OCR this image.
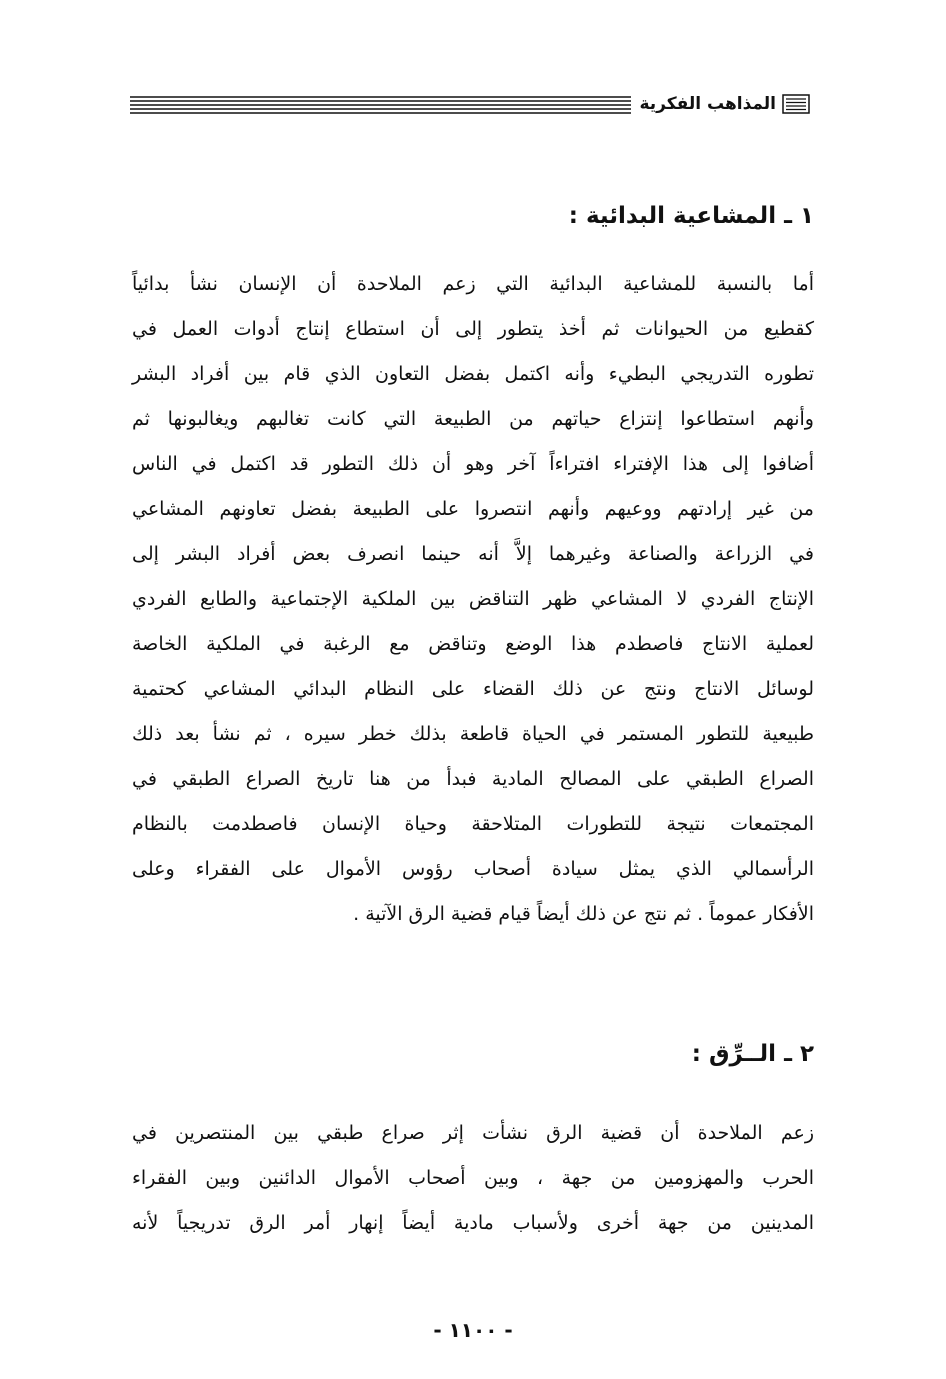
المذاهب الفكرية
١ ـ المشاعية البدائية :
أما بالنسبة للمشاعية البدائية التي زعم الملاحدة أن الإنسان نشأ بدائياً
كقطيع من الحيوانات ثم أخذ يتطور إلى أن استطاع إنتاج أدوات العمل في
تطوره التدريجي البطيء وأنه اكتمل بفضل التعاون الذي قام بين أفراد البشر
وأنهم استطاعوا إنتزاع حياتهم من الطبيعة التي كانت تغالبهم ويغالبونها ثم
أضافوا إلى هذا الإفتراء افتراءاً آخر وهو أن ذلك التطور قد اكتمل في الناس
من غير إرادتهم ووعيهم وأنهم انتصروا على الطبيعة بفضل تعاونهم المشاعي
في الزراعة والصناعة وغيرهما إلاَّ أنه حينما انصرف بعض أفراد البشر إلى
الإنتاج الفردي لا المشاعي ظهر التناقض بين الملكية الإجتماعية والطابع الفردي
لعملية الانتاج فاصطدم هذا الوضع وتناقض مع الرغبة في الملكية الخاصة
لوسائل الانتاج ونتج عن ذلك القضاء على النظام البدائي المشاعي كحتمية
طبيعية للتطور المستمر في الحياة قاطعة بذلك خطر سيره ، ثم نشأ بعد ذلك
الصراع الطبقي على المصالح المادية فبدأ من هنا تاريخ الصراع الطبقي في
المجتمعات نتيجة للتطورات المتلاحقة وحياة الإنسان فاصطدمت بالنظام
الرأسمالي الذي يمثل سيادة أصحاب رؤوس الأموال على الفقراء وعلى
الأفكار عموماً . ثم نتج عن ذلك أيضاً قيام قضية الرق الآتية .
٢ ـ الــرِّق :
زعم الملاحدة أن قضية الرق نشأت إثر صراع طبقي بين المنتصرين في
الحرب والمهزومين من جهة ، وبين أصحاب الأموال الدائنين وبين الفقراء
المدينين من جهة أخرى ولأسباب مادية أيضاً إنهار أمر الرق تدريجياً لأنه
- ١١٠٠ -
